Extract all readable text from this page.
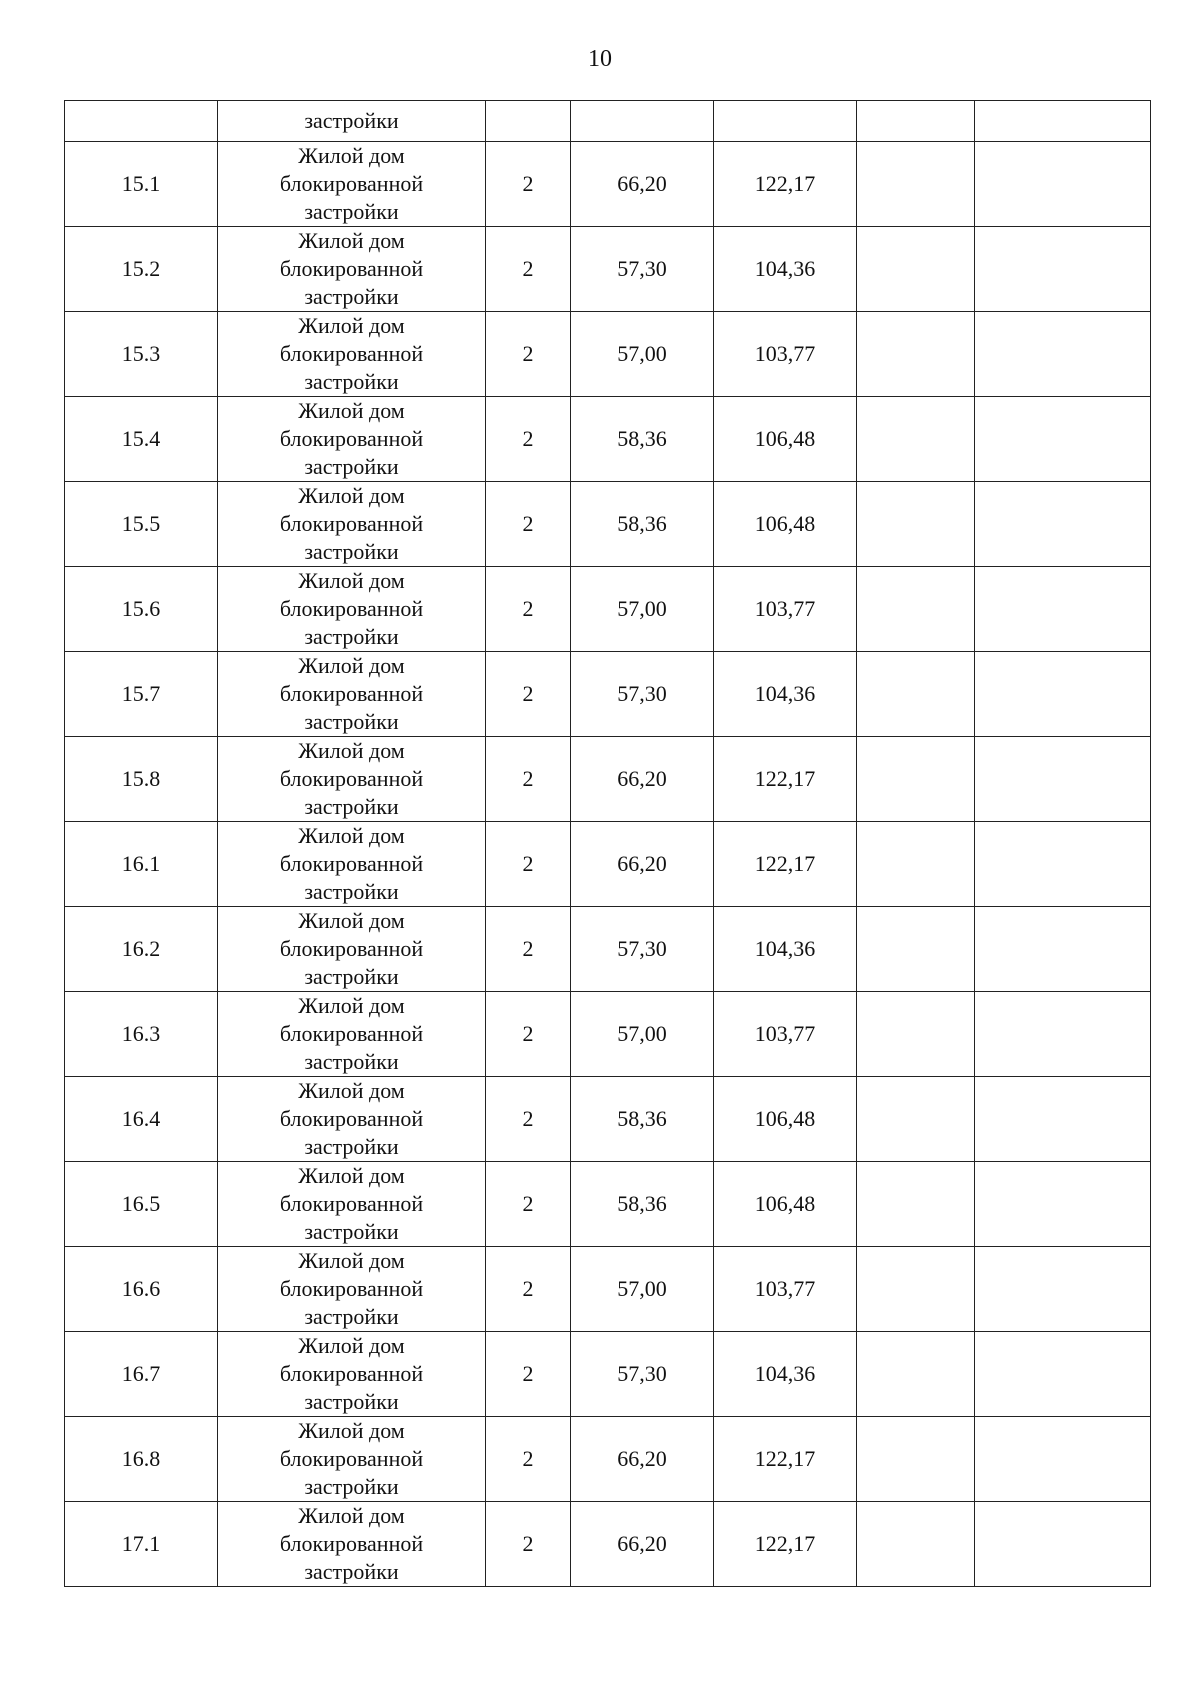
10

	застройки					

15.1	Жилой дом
блокированной
застройки	2	66,20	122,17		
15.2	Жилой дом
блокированной
застройки	2	57,30	104,36		
15.3	Жилой дом
блокированной
застройки	2	57,00	103,77		
15.4	Жилой дом
блокированной
застройки	2	58,36	106,48		
15.5	Жилой дом
блокированной
застройки	2	58,36	106,48		
15.6	Жилой дом
блокированной
застройки	2	57,00	103,77		
15.7	Жилой дом
блокированной
застройки	2	57,30	104,36		
15.8	Жилой дом
блокированной
застройки	2	66,20	122,17		
16.1	Жилой дом
блокированной
застройки	2	66,20	122,17		
16.2	Жилой дом
блокированной
застройки	2	57,30	104,36		
16.3	Жилой дом
блокированной
застройки	2	57,00	103,77		
16.4	Жилой дом
блокированной
застройки	2	58,36	106,48		
16.5	Жилой дом
блокированной
застройки	2	58,36	106,48		
16.6	Жилой дом
блокированной
застройки	2	57,00	103,77		
16.7	Жилой дом
блокированной
застройки	2	57,30	104,36		
16.8	Жилой дом
блокированной
застройки	2	66,20	122,17		
17.1	Жилой дом
блокированной
застройки	2	66,20	122,17		
